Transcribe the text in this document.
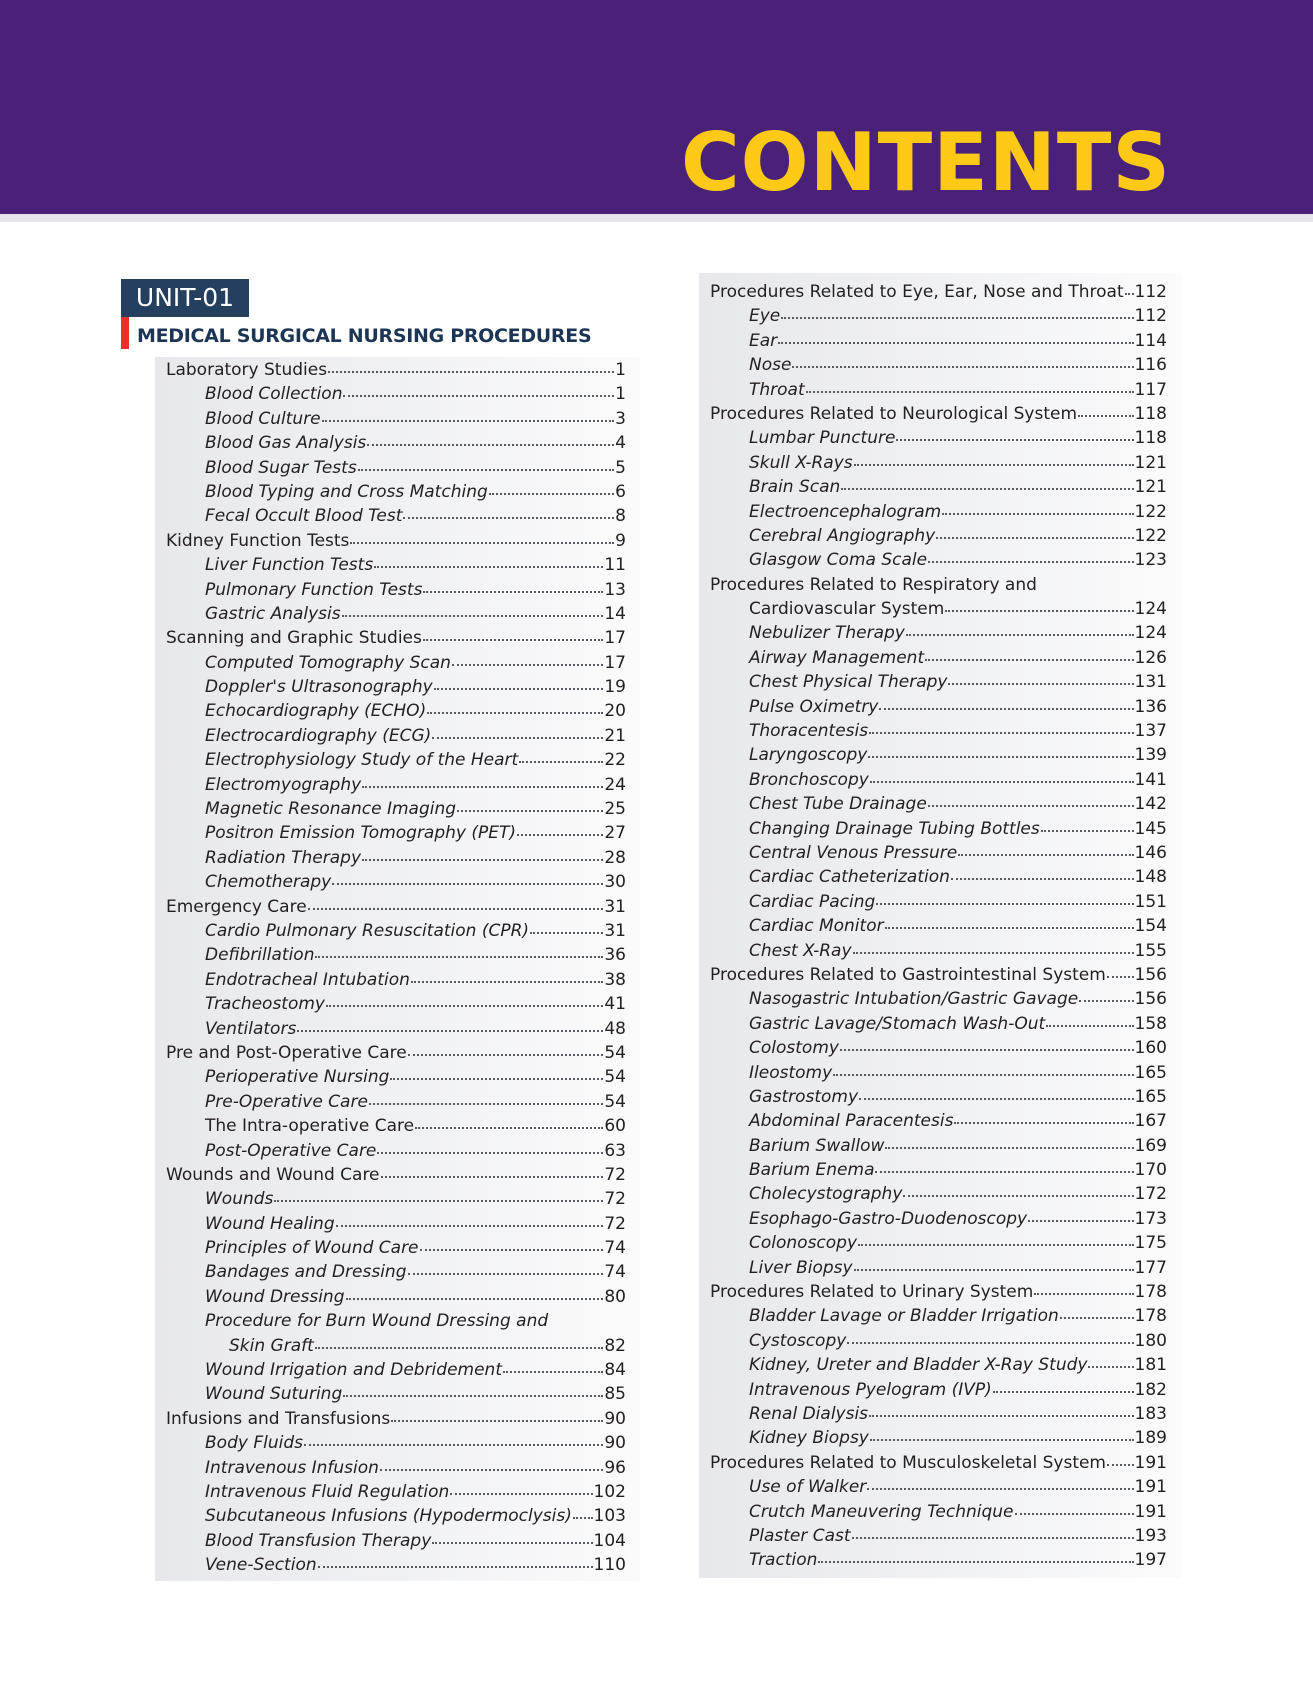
CONTENTS
UNIT-01
MEDICAL SURGICAL NURSING PROCEDURES
Laboratory Studies	1
Blood Collection	1
Blood Culture	3
Blood Gas Analysis	4
Blood Sugar Tests	5
Blood Typing and Cross Matching	6
Fecal Occult Blood Test	8
Kidney Function Tests	9
Liver Function Tests	11
Pulmonary Function Tests	13
Gastric Analysis	14
Scanning and Graphic Studies	17
Computed Tomography Scan	17
Doppler's Ultrasonography	19
Echocardiography (ECHO)	20
Electrocardiography (ECG)	21
Electrophysiology Study of the Heart	22
Electromyography	24
Magnetic Resonance Imaging	25
Positron Emission Tomography (PET)	27
Radiation Therapy	28
Chemotherapy	30
Emergency Care	31
Cardio Pulmonary Resuscitation (CPR)	31
Defibrillation	36
Endotracheal Intubation	38
Tracheostomy	41
Ventilators	48
Pre and Post-Operative Care	54
Perioperative Nursing	54
Pre-Operative Care	54
The Intra-operative Care	60
Post-Operative Care	63
Wounds and Wound Care	72
Wounds	72
Wound Healing	72
Principles of Wound Care	74
Bandages and Dressing	74
Wound Dressing	80
Procedure for Burn Wound Dressing and
Skin Graft	82
Wound Irrigation and Debridement	84
Wound Suturing	85
Infusions and Transfusions	90
Body Fluids	90
Intravenous Infusion	96
Intravenous Fluid Regulation	102
Subcutaneous Infusions (Hypodermoclysis) 103
Blood Transfusion Therapy	104
Vene-Section	110
Procedures Related to Eye, Ear, Nose and Throat 112
Eye	112
Ear	114
Nose	116
Throat	117
Procedures Related to Neurological System	118
Lumbar Puncture	118
Skull X-Rays	121
Brain Scan	121
Electroencephalogram	122
Cerebral Angiography	122
Glasgow Coma Scale	123
Procedures Related to Respiratory and
Cardiovascular System	124
Nebulizer Therapy	124
Airway Management	126
Chest Physical Therapy	131
Pulse Oximetry	136
Thoracentesis	137
Laryngoscopy	139
Bronchoscopy	141
Chest Tube Drainage	142
Changing Drainage Tubing Bottles	145
Central Venous Pressure	146
Cardiac Catheterization	148
Cardiac Pacing	151
Cardiac Monitor	154
Chest X-Ray	155
Procedures Related to Gastrointestinal System 156
Nasogastric Intubation/Gastric Gavage	156
Gastric Lavage/Stomach Wash-Out	158
Colostomy	160
Ileostomy	165
Gastrostomy	165
Abdominal Paracentesis	167
Barium Swallow	169
Barium Enema	170
Cholecystography	172
Esophago-Gastro-Duodenoscopy	173
Colonoscopy	175
Liver Biopsy	177
Procedures Related to Urinary System	178
Bladder Lavage or Bladder Irrigation	178
Cystoscopy	180
Kidney, Ureter and Bladder X-Ray Study	181
Intravenous Pyelogram (IVP)	182
Renal Dialysis	183
Kidney Biopsy	189
Procedures Related to Musculoskeletal System 191
Use of Walker	191
Crutch Maneuvering Technique	191
Plaster Cast	193
Traction	197
